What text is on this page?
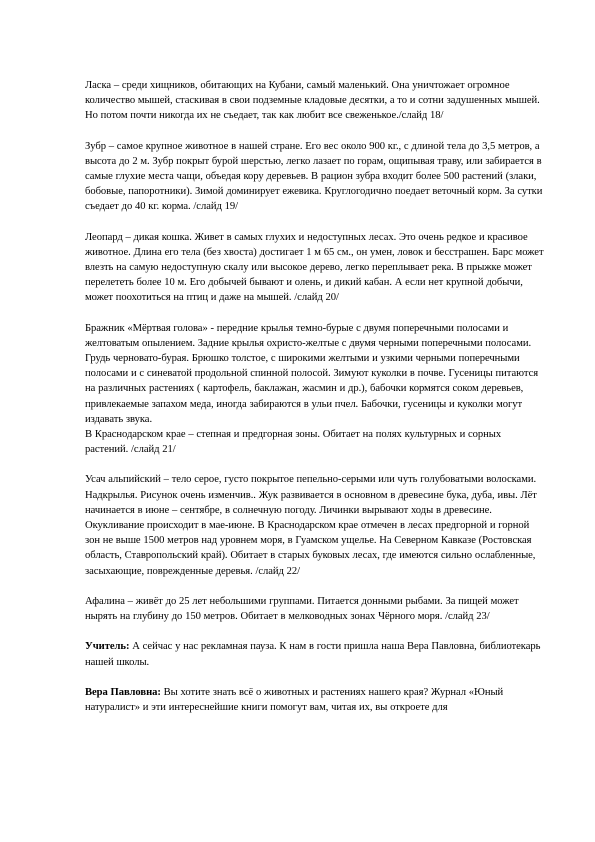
Ласка – среди хищников, обитающих на Кубани, самый маленький. Она уничтожает огромное количество мышей, стаскивая в свои подземные кладовые десятки, а то и сотни задушенных мышей. Но потом почти никогда их не съедает, так как любит все свеженькое./слайд 18/

Зубр – самое крупное животное в нашей стране. Его вес около 900 кг., с длиной тела до 3,5 метров, а высота до 2 м. Зубр покрыт бурой шерстью, легко лазает по горам, ощипывая траву, или забирается в самые глухие места чащи, объедая кору деревьев. В рацион зубра входит более 500 растений (злаки, бобовые, папоротники). Зимой доминирует ежевика. Круглогодично поедает веточный корм. За сутки съедает до 40 кг. корма. /слайд 19/

Леопард – дикая кошка. Живет в самых глухих и недоступных лесах. Это очень редкое и красивое животное. Длина его тела (без хвоста) достигает 1 м 65 см., он умен, ловок и бесстрашен. Барс может влезть на самую недоступную скалу или высокое дерево, легко переплывает река. В прыжке может перелететь более 10 м. Его добычей бывают и олень, и дикий кабан. А если нет крупной добычи, может поохотиться на птиц и даже на мышей. /слайд 20/

Бражник «Мёртвая голова» - передние крылья темно-бурые с двумя поперечными полосами и желтоватым опылением. Задние крылья охристо-желтые с двумя черными поперечными полосами. Грудь черновато-бурая. Брюшко толстое, с широкими желтыми и узкими черными поперечными полосами и с синеватой продольной спинной полосой. Зимуют куколки в почве. Гусеницы питаются на различных растениях ( картофель, баклажан, жасмин и др.), бабочки кормятся соком деревьев, привлекаемые запахом меда, иногда забираются в ульи пчел. Бабочки, гусеницы и куколки могут издавать звука.

В Краснодарском крае – степная и предгорная зоны. Обитает на полях культурных и сорных растений. /слайд 21/

Усач альпийский – тело серое, густо покрытое пепельно-серыми или чуть голубоватыми волосками. Надкрылья. Рисунок очень изменчив.. Жук развивается в основном в древесине бука, дуба, ивы. Лёт начинается в июне – сентябре, в солнечную погоду. Личинки вырывают ходы в древесине. Окукливание происходит в мае-июне. В Краснодарском крае отмечен в лесах предгорной и горной зон не выше 1500 метров над уровнем моря, в Гуамском ущелье. На Северном Кавказе (Ростовская область, Ставропольский край). Обитает в старых буковых лесах, где имеются сильно ослабленные, засыхающие, поврежденные деревья. /слайд 22/

Афалина – живёт до 25 лет небольшими группами. Питается донными рыбами. За пищей может нырять на глубину до 150 метров. Обитает в мелководных зонах Чёрного моря. /слайд 23/

Учитель: А сейчас у нас рекламная пауза. К нам в гости пришла наша Вера Павловна, библиотекарь нашей школы.

Вера Павловна: Вы хотите знать всё о животных и растениях нашего края? Журнал «Юный натуралист» и эти интереснейшие книги помогут вам, читая их, вы откроете для
